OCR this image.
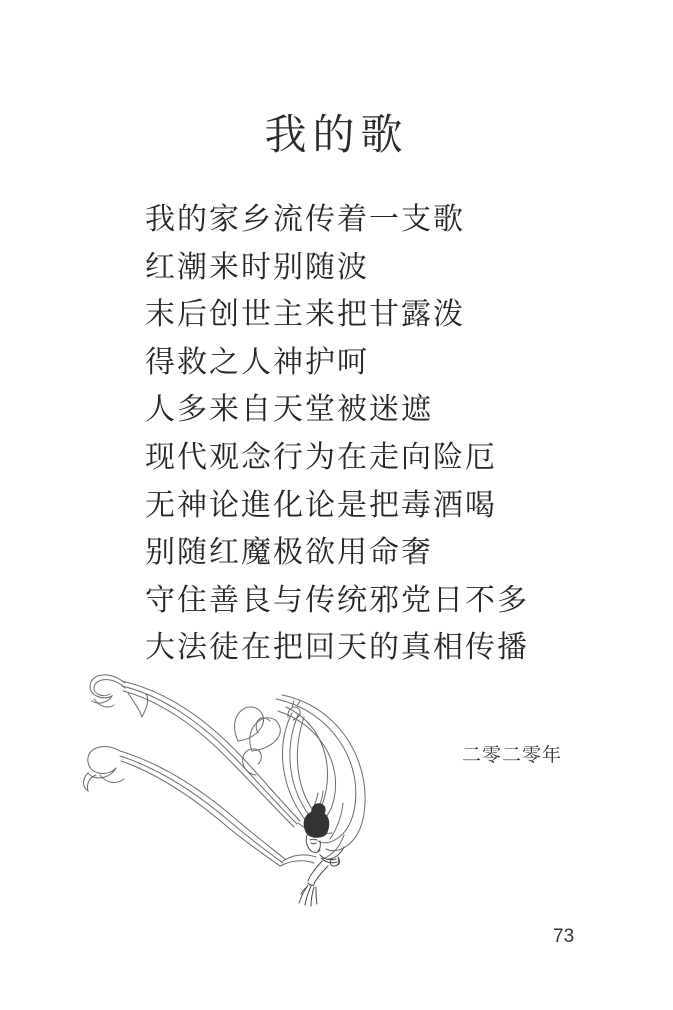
我的歌
我的家乡流传着一支歌
红潮来时别随波
末后创世主来把甘露泼
得救之人神护呵
人多来自天堂被迷遮
现代观念行为在走向险厄
无神论進化论是把毒酒喝
别随红魔极欲用命奢
守住善良与传统邪党日不多
大法徒在把回天的真相传播
二零二零年
73
